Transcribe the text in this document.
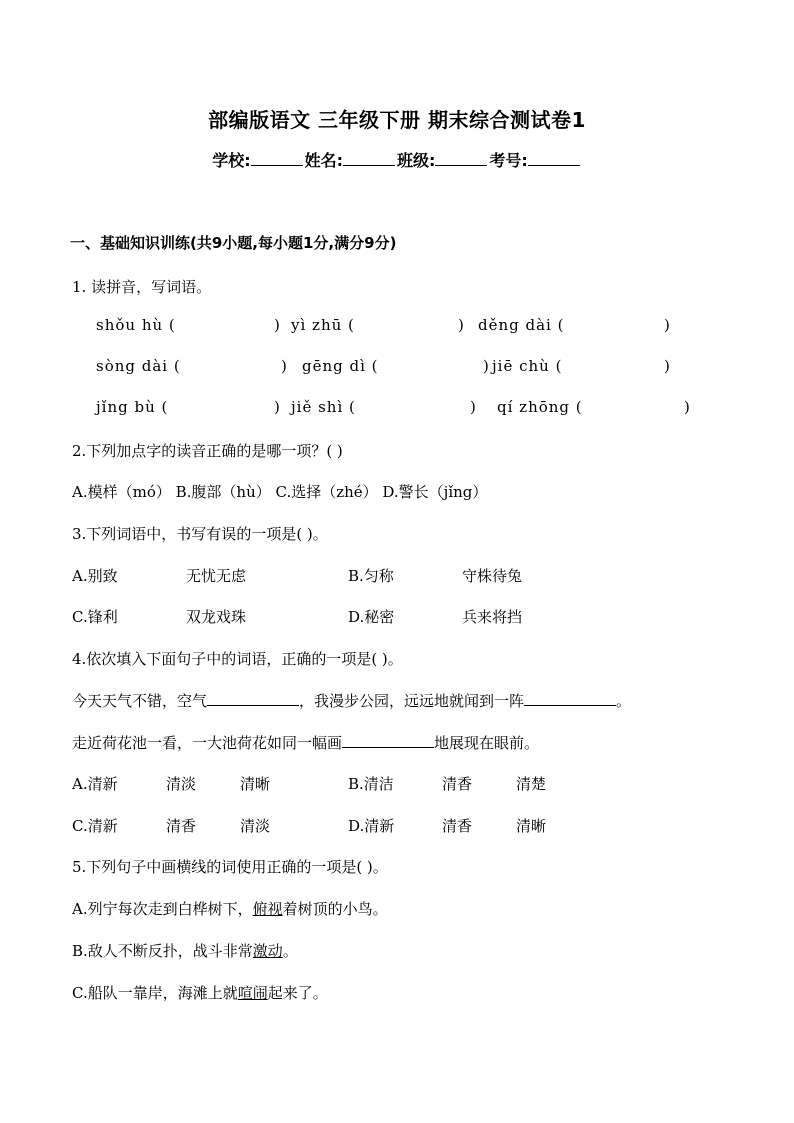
部编版语文 三年级下册 期末综合测试卷1
学校:	姓名:	班级:	考号:
一、基础知识训练(共9小题,每小题1分,满分9分)
1. 读拼音，写词语。
shǒu hù (	) yì zhū (	) děng dài (	)
sòng dài (	) gēng dì (	) jiē chù (	)
jǐng bù (	) jiě shì (	) qí zhōng (	)
2.下列加点字的读音正确的是哪一项？( )
A.模样（mó） B.腹部（hù） C.选择（zhé） D.警长（jǐng）
3.下列词语中，书写有误的一项是( )。
A.别致	无忧无虑	B.匀称	守株待兔
C.锋利	双龙戏珠	D.秘密	兵来将挡
4.依次填入下面句子中的词语，正确的一项是( )。
今天天气不错，空气	，我漫步公园，远远地就闻到一阵	。
走近荷花池一看，一大池荷花如同一幅画	地展现在眼前。
A.清新	清淡	清晰	B.清洁	清香	清楚
C.清新	清香	清淡	D.清新	清香	清晰
5.下列句子中画横线的词使用正确的一项是( )。
A.列宁每次走到白桦树下，俯视着树顶的小鸟。
B.敌人不断反扑，战斗非常激动。
C.船队一靠岸，海滩上就喧闹起来了。
